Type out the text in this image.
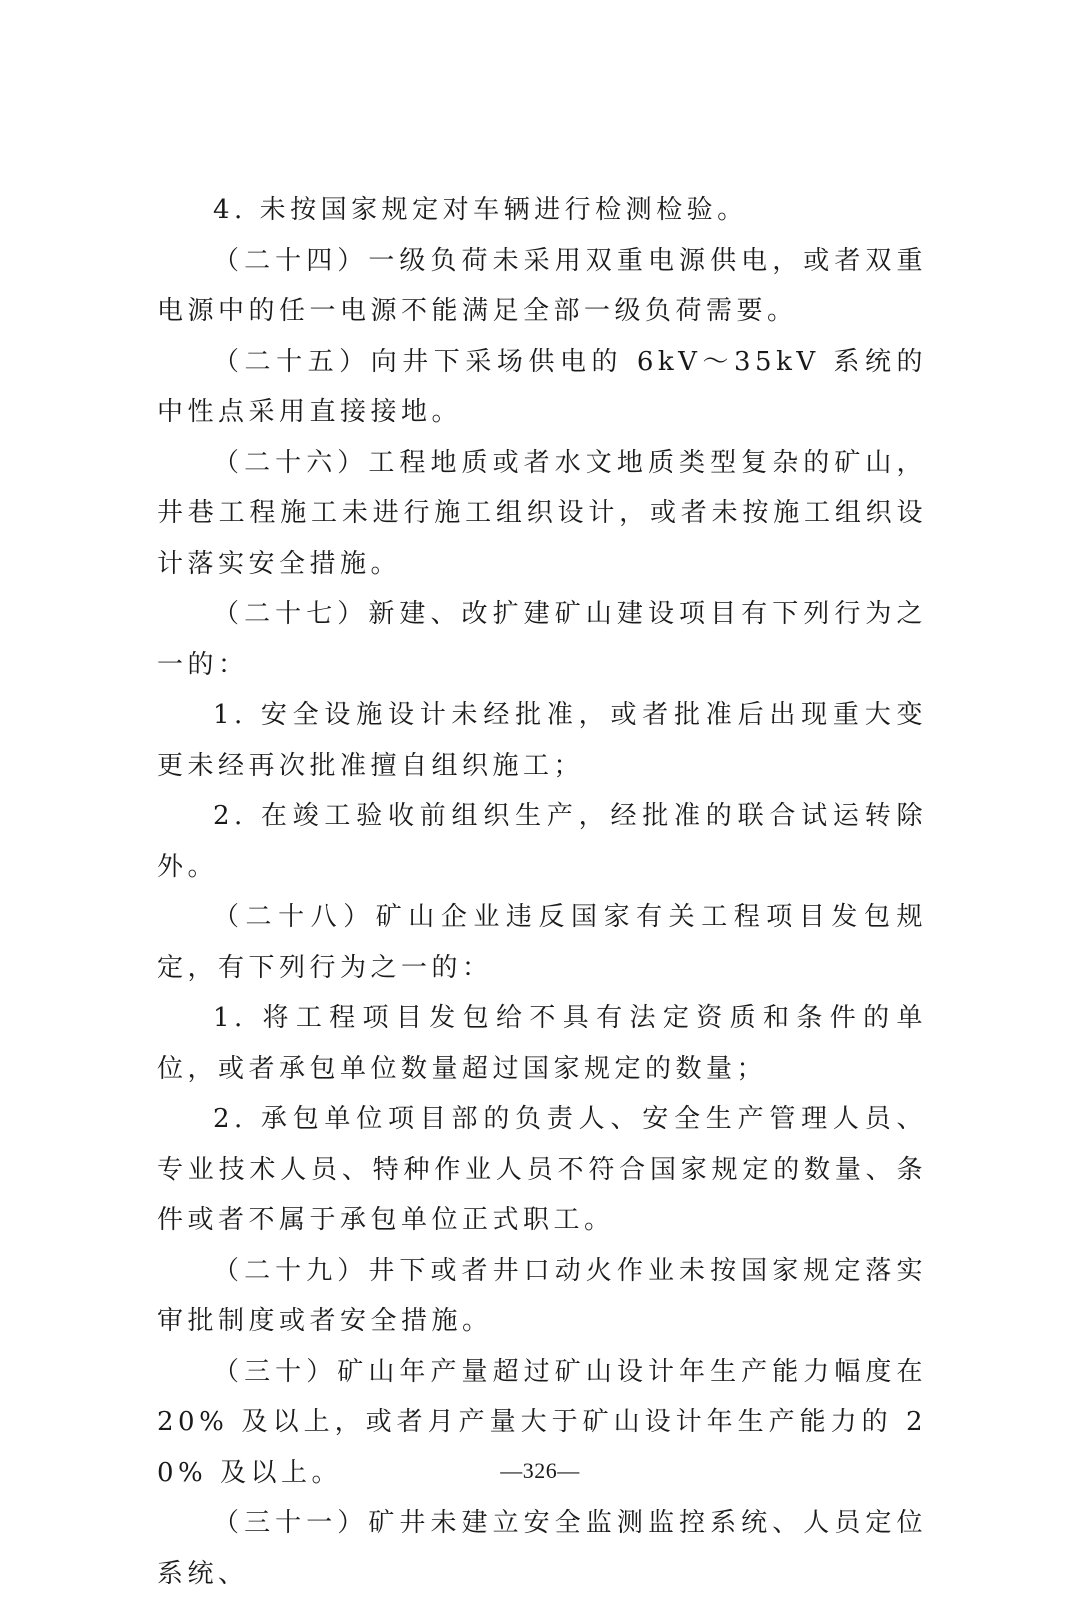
4. 未按国家规定对车辆进行检测检验。

（二十四）一级负荷未采用双重电源供电，或者双重电源中的任一电源不能满足全部一级负荷需要。

（二十五）向井下采场供电的 6kV～35kV 系统的中性点采用直接接地。

（二十六）工程地质或者水文地质类型复杂的矿山，井巷工程施工未进行施工组织设计，或者未按施工组织设计落实安全措施。

（二十七）新建、改扩建矿山建设项目有下列行为之一的：

1. 安全设施设计未经批准，或者批准后出现重大变更未经再次批准擅自组织施工；

2. 在竣工验收前组织生产，经批准的联合试运转除外。

（二十八）矿山企业违反国家有关工程项目发包规定，有下列行为之一的：

1. 将工程项目发包给不具有法定资质和条件的单位，或者承包单位数量超过国家规定的数量；

2. 承包单位项目部的负责人、安全生产管理人员、专业技术人员、特种作业人员不符合国家规定的数量、条件或者不属于承包单位正式职工。

（二十九）井下或者井口动火作业未按国家规定落实审批制度或者安全措施。

（三十）矿山年产量超过矿山设计年生产能力幅度在 20% 及以上，或者月产量大于矿山设计年生产能力的 20% 及以上。

（三十一）矿井未建立安全监测监控系统、人员定位系统、

—326—
